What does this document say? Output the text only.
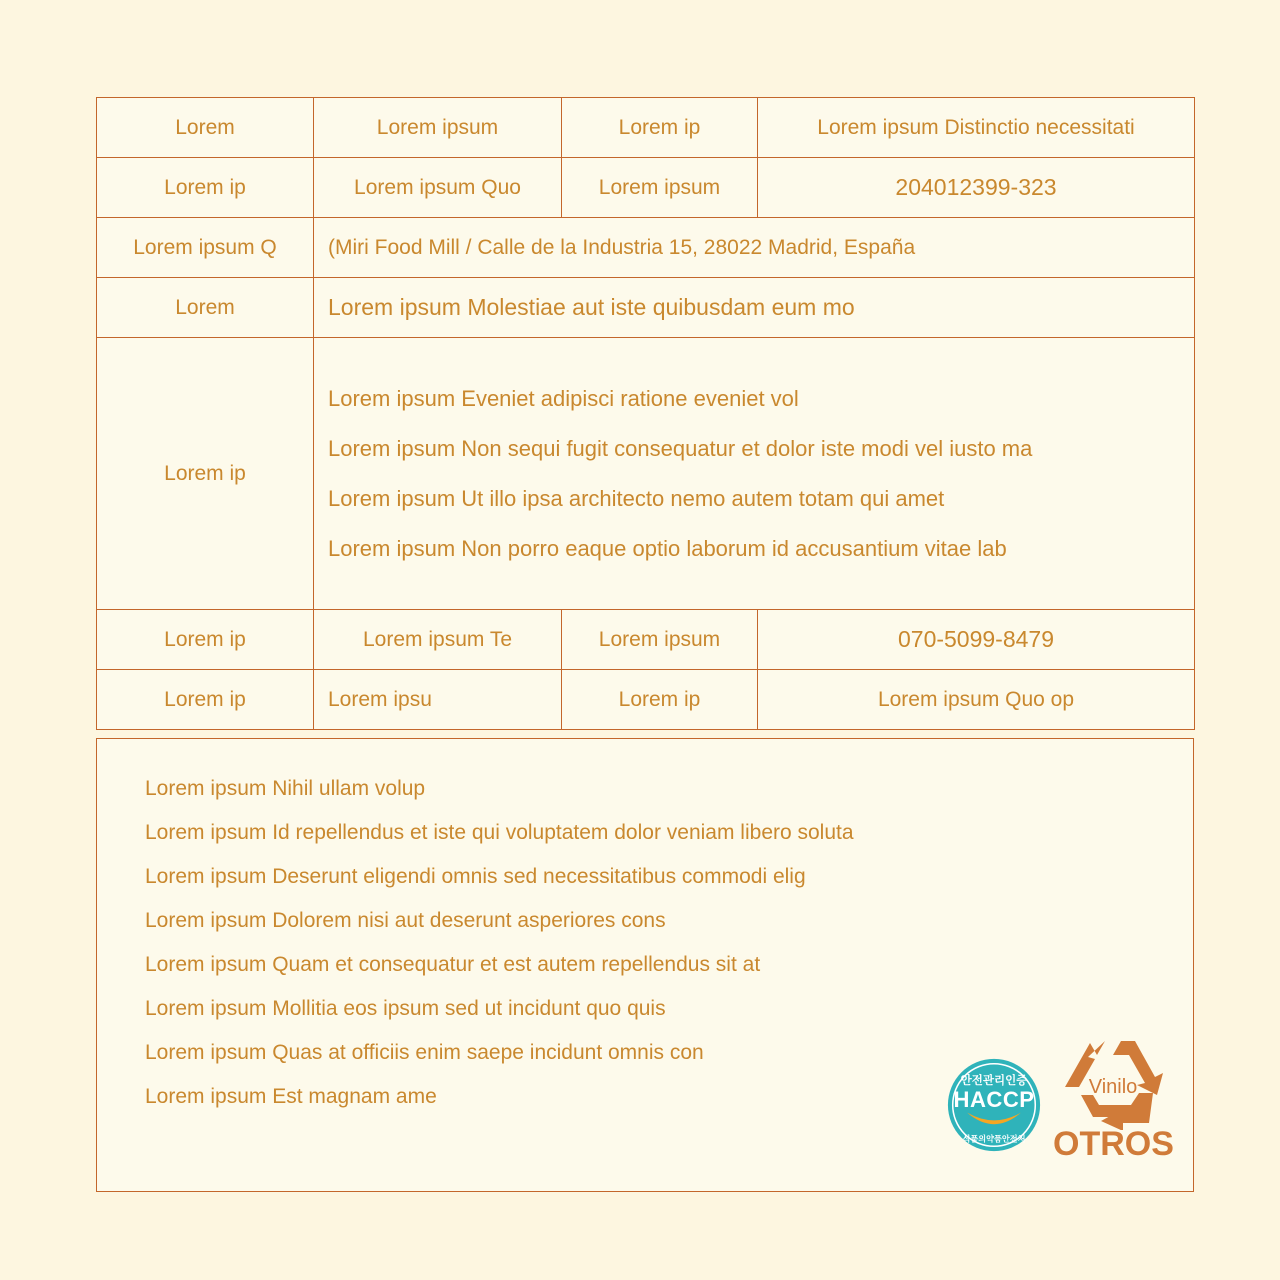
Lorem	Lorem ipsum	Lorem ip	Lorem ipsum Distinctio necessitati
Lorem ip	Lorem ipsum Quo	Lorem ipsum	204012399-323
Lorem ipsum Q	(Miri Food Mill / Calle de la Industria 15, 28022 Madrid, España		
Lorem	Lorem ipsum Molestiae aut iste quibusdam eum mo		
Lorem ip	Lorem ipsum Eveniet adipisci ratione eveniet vol
Lorem ipsum Non sequi fugit consequatur et dolor iste modi vel iusto ma
Lorem ipsum Ut illo ipsa architecto nemo autem totam qui amet
Lorem ipsum Non porro eaque optio laborum id accusantium vitae lab		

Lorem ip	Lorem ipsum Te	Lorem ipsum	070-5099-8479
Lorem ip	Lorem ipsu	Lorem ip	Lorem ipsum Quo op
Lorem ipsum Nihil ullam volup
Lorem ipsum Id repellendus et iste qui voluptatem dolor veniam libero soluta
Lorem ipsum Deserunt eligendi omnis sed necessitatibus commodi elig
Lorem ipsum Dolorem nisi aut deserunt asperiores cons
Lorem ipsum Quam et consequatur et est autem repellendus sit at
Lorem ipsum Mollitia eos ipsum sed ut incidunt quo quis
Lorem ipsum Quas at officiis enim saepe incidunt omnis con
Lorem ipsum Est magnam ame
안전관리인증
HACCP
식품의약품안전처
Vinilo
OTROS
